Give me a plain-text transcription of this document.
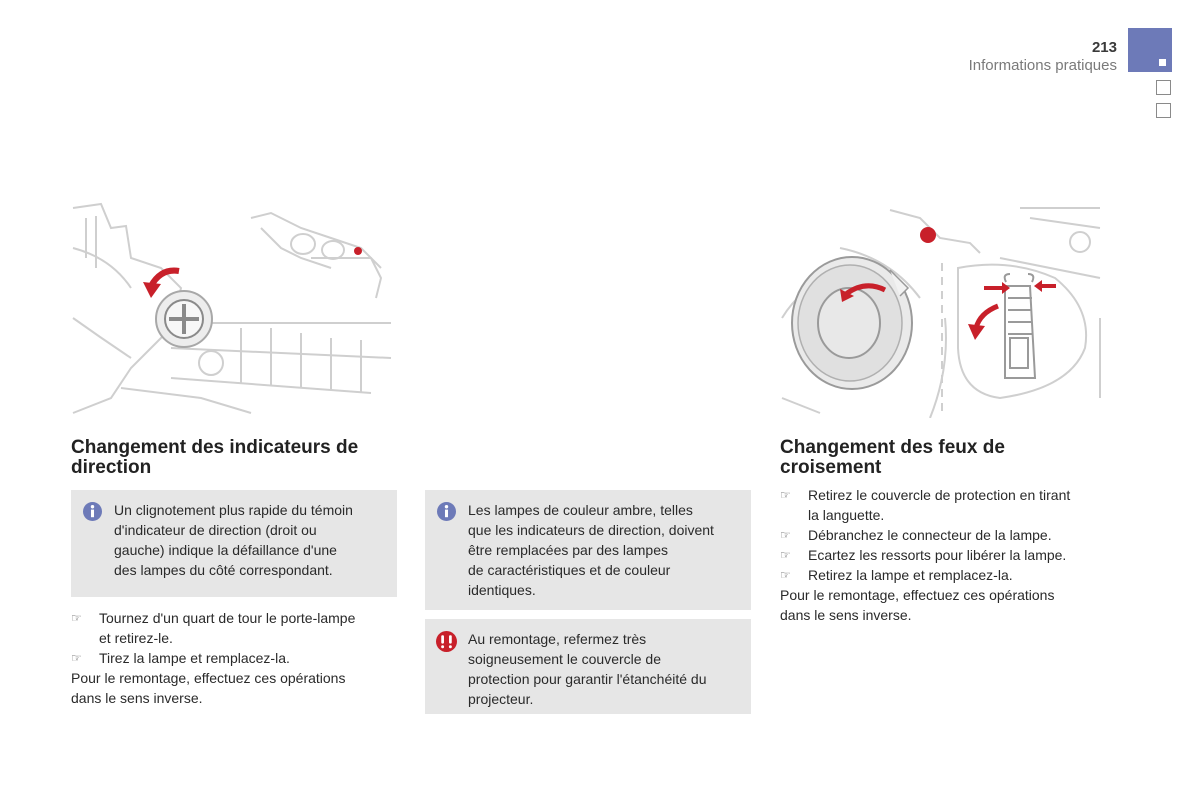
213
Informations pratiques
Changement des indicateurs de
direction
Un clignotement plus rapide du témoin
d'indicateur de direction (droit ou
gauche) indique la défaillance d'une
des lampes du côté correspondant.
☞ Tournez d'un quart de tour le porte-lampe
et retirez-le.
☞ Tirez la lampe et remplacez-la.
Pour le remontage, effectuez ces opérations
dans le sens inverse.
Les lampes de couleur ambre, telles
que les indicateurs de direction, doivent
être remplacées par des lampes
de caractéristiques et de couleur
identiques.
Au remontage, refermez très
soigneusement le couvercle de
protection pour garantir l'étanchéité du
projecteur.
Changement des feux de
croisement
☞ Retirez le couvercle de protection en tirant
la languette.
☞ Débranchez le connecteur de la lampe.
☞ Ecartez les ressorts pour libérer la lampe.
☞ Retirez la lampe et remplacez-la.
Pour le remontage, effectuez ces opérations
dans le sens inverse.
